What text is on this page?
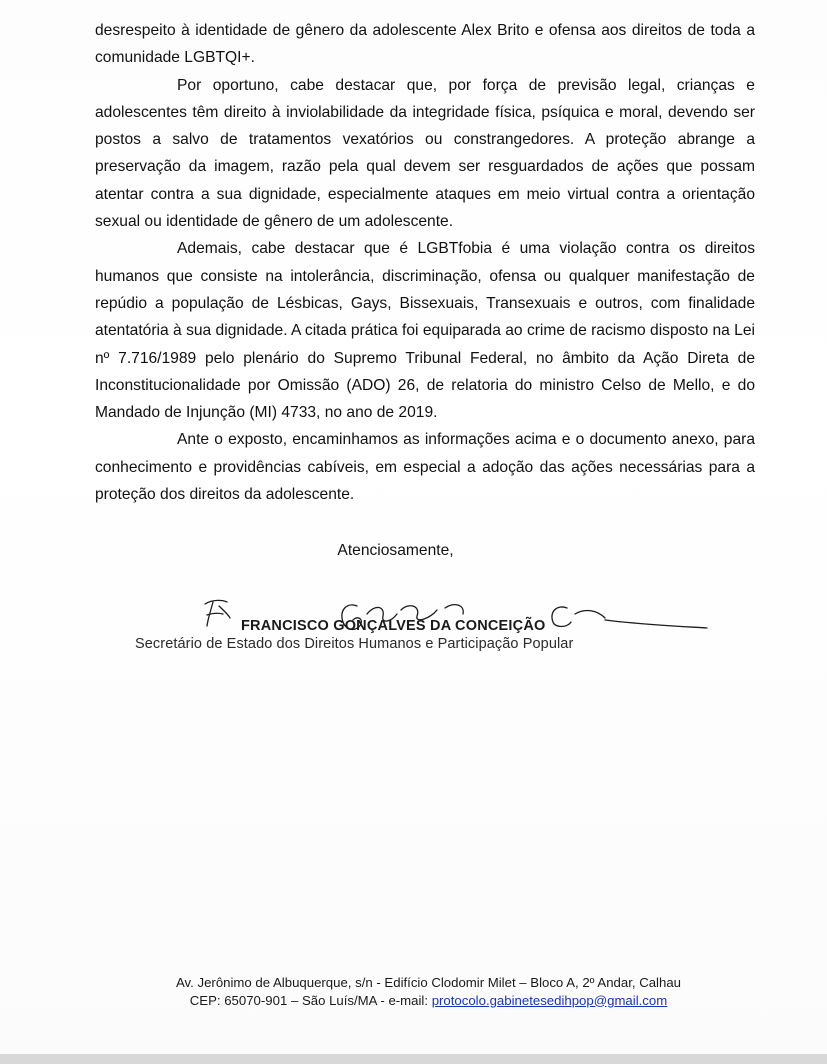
desrespeito à identidade de gênero da adolescente Alex Brito e ofensa aos direitos de toda a comunidade LGBTQI+.

Por oportuno, cabe destacar que, por força de previsão legal, crianças e adolescentes têm direito à inviolabilidade da integridade física, psíquica e moral, devendo ser postos a salvo de tratamentos vexatórios ou constrangedores. A proteção abrange a preservação da imagem, razão pela qual devem ser resguardados de ações que possam atentar contra a sua dignidade, especialmente ataques em meio virtual contra a orientação sexual ou identidade de gênero de um adolescente.

Ademais, cabe destacar que é LGBTfobia é uma violação contra os direitos humanos que consiste na intolerância, discriminação, ofensa ou qualquer manifestação de repúdio a população de Lésbicas, Gays, Bissexuais, Transexuais e outros, com finalidade atentatória à sua dignidade. A citada prática foi equiparada ao crime de racismo disposto na Lei nº 7.716/1989 pelo plenário do Supremo Tribunal Federal, no âmbito da Ação Direta de Inconstitucionalidade por Omissão (ADO) 26, de relatoria do ministro Celso de Mello, e do Mandado de Injunção (MI) 4733, no ano de 2019.

Ante o exposto, encaminhamos as informações acima e o documento anexo, para conhecimento e providências cabíveis, em especial a adoção das ações necessárias para a proteção dos direitos da adolescente.

Atenciosamente,
FRANCISCO GONÇALVES DA CONCEIÇÃO
Secretário de Estado dos Direitos Humanos e Participação Popular
Av. Jerônimo de Albuquerque, s/n - Edifício Clodomir Milet – Bloco A, 2º Andar, Calhau
CEP: 65070-901 – São Luís/MA - e-mail: protocolo.gabinetesedihpop@gmail.com
